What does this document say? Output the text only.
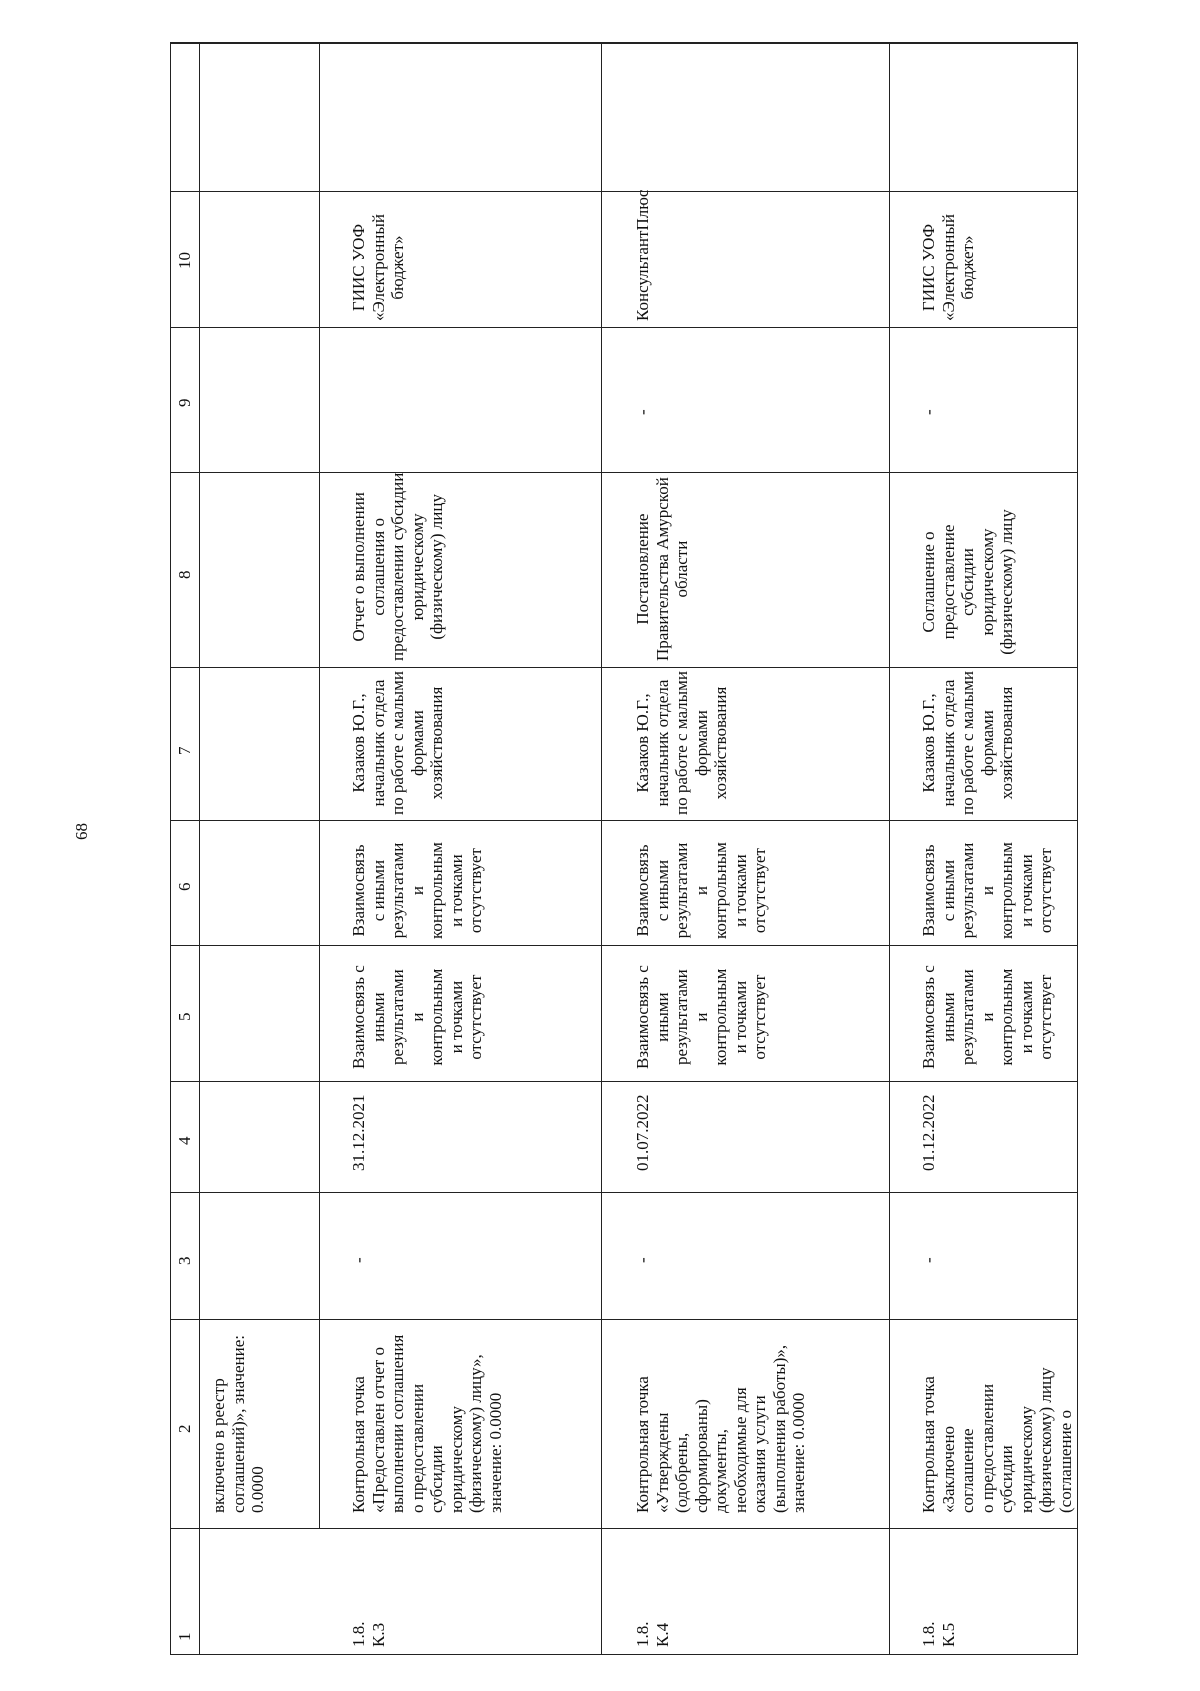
68
1
2
3
4
5
6
7
8
9
10
включено в реестр
соглашений)», значение:
0.0000
1.8.
К.3
Контрольная точка
«Предоставлен отчет о
выполнении соглашения
о предоставлении
субсидии
юридическому
(физическому) лицу»,
значение: 0.0000
-
31.12.2021
Взаимосвязь с
иными
результатами
и
контрольным
и точками
отсутствует
Взаимосвязь
с иными
результатами
и
контрольным
и точками
отсутствует
Казаков Ю.Г.,
начальник отдела
по работе с малыми
формами
хозяйствования
Отчет о выполнении
соглашения о
предоставлении субсидии
юридическому
(физическому) лицу
ГИИС УОФ
«Электронный
бюджет»
1.8.
К.4
Контрольная точка
«Утверждены
(одобрены,
сформированы)
документы,
необходимые для
оказания услуги
(выполнения работы)»,
значение: 0.0000
-
01.07.2022
Взаимосвязь с
иными
результатами
и
контрольным
и точками
отсутствует
Взаимосвязь
с иными
результатами
и
контрольным
и точками
отсутствует
Казаков Ю.Г.,
начальник отдела
по работе с малыми
формами
хозяйствования
Постановление
Правительства Амурской
области
-
КонсультантПлюс
1.8.
К.5
Контрольная точка
«Заключено соглашение
о предоставлении
субсидии
юридическому
(физическому) лицу
(соглашение о
-
01.12.2022
Взаимосвязь с
иными
результатами
и
контрольным
и точками
отсутствует
Взаимосвязь
с иными
результатами
и
контрольным
и точками
отсутствует
Казаков Ю.Г.,
начальник отдела
по работе с малыми
формами
хозяйствования
Соглашение о
предоставление субсидии
юридическому
(физическому) лицу
-
ГИИС УОФ
«Электронный
бюджет»
